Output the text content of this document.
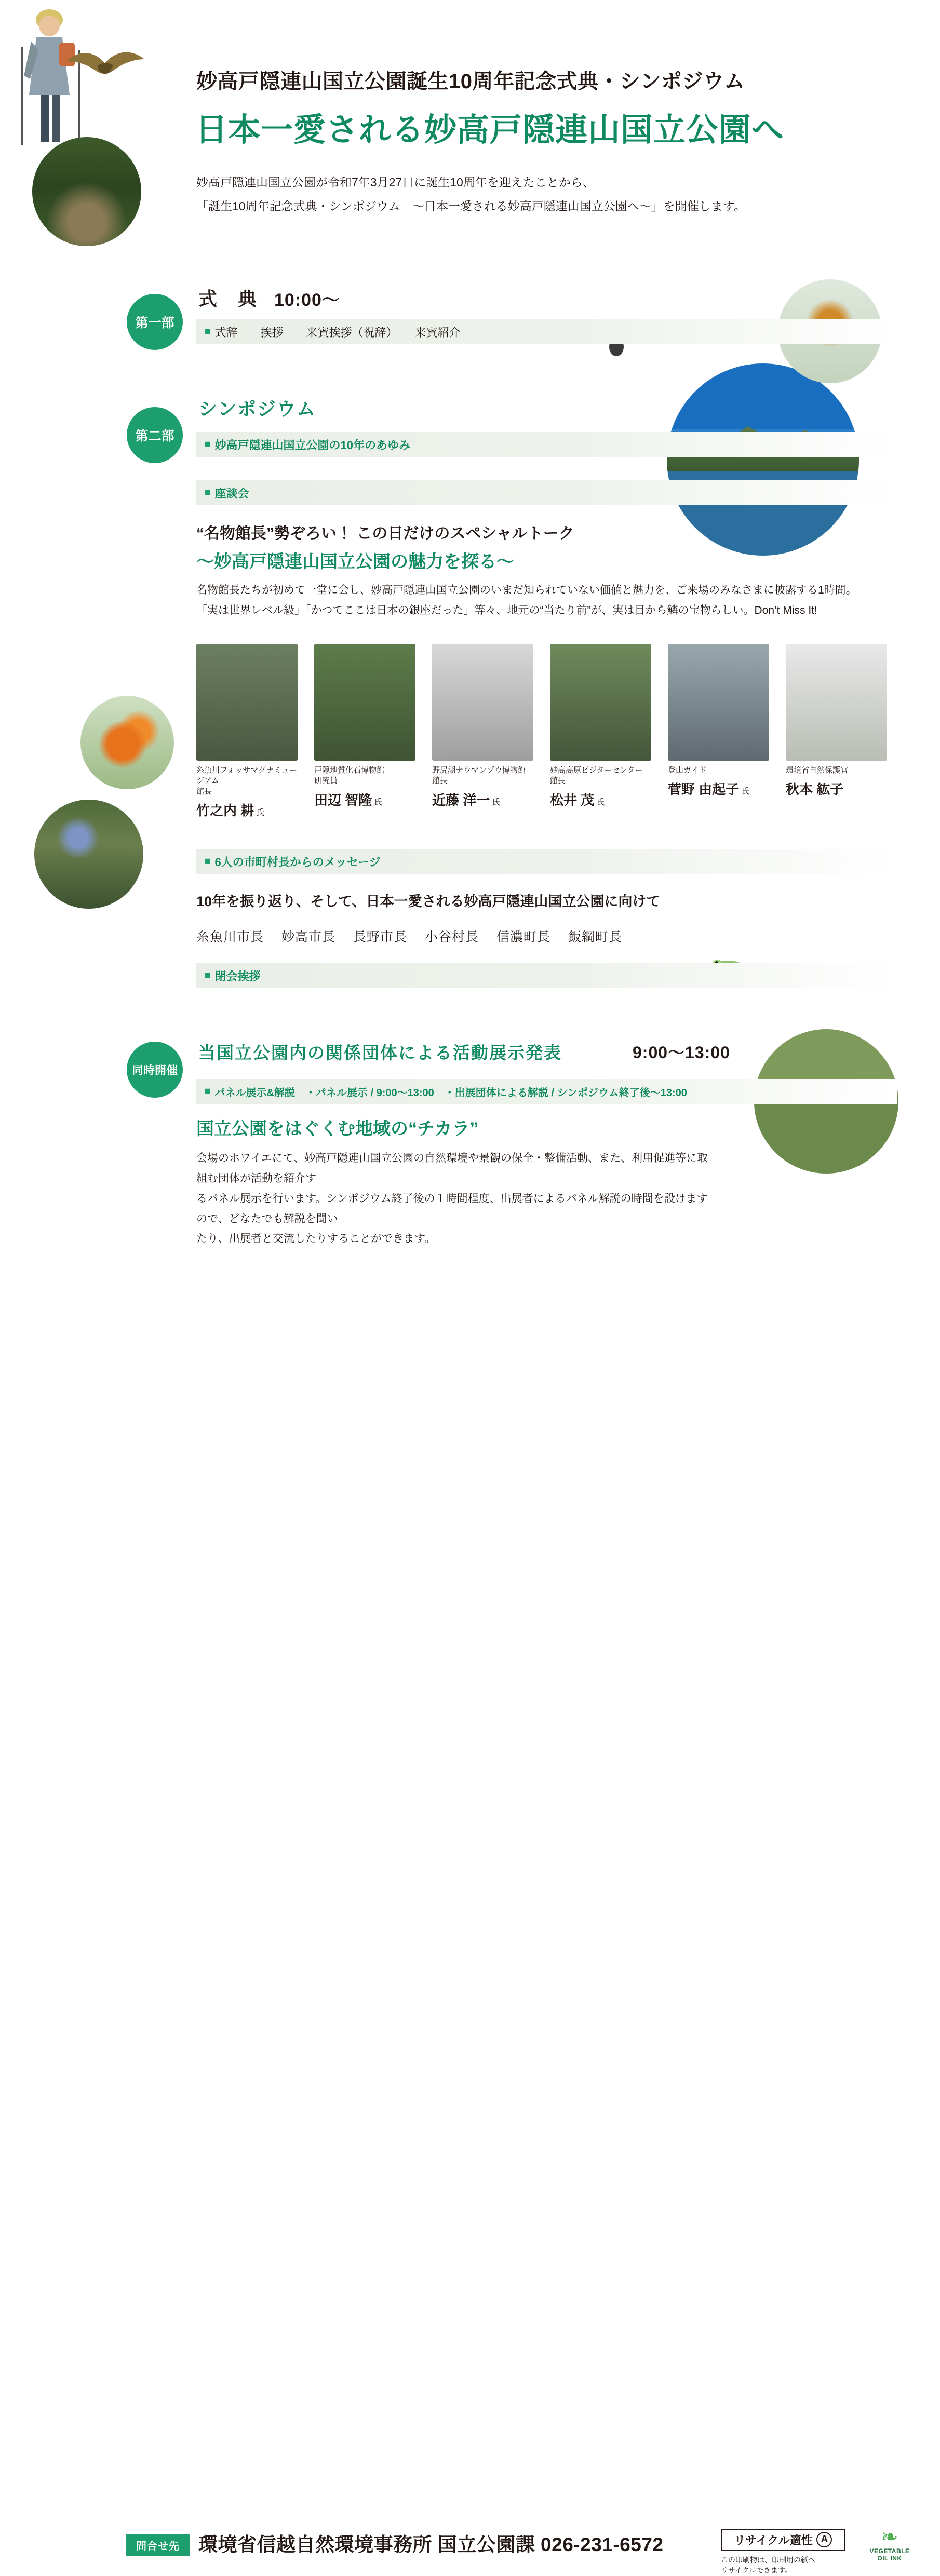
妙高戸隠連山国立公園誕生10周年記念式典・シンポジウム
日本一愛される妙高戸隠連山国立公園へ
妙高戸隠連山国立公園が令和7年3月27日に誕生10周年を迎えたことから、
「誕生10周年記念式典・シンポジウム　～日本一愛される妙高戸隠連山国立公園へ～」を開催します。
第一部
式　典 10:00〜
■ 式辞　　挨拶　　来賓挨拶（祝辞）　　来賓紹介
第二部
シンポジウム
■ 妙高戸隠連山国立公園の10年のあゆみ
■ 座談会
“名物館長”勢ぞろい！ この日だけのスペシャルトーク
〜妙高戸隠連山国立公園の魅力を探る〜
名物館長たちが初めて一堂に会し、妙高戸隠連山国立公園のいまだ知られていない価値と魅力を、ご来場のみなさまに披露する1時間。
「実は世界レベル級」「かつてここは日本の銀座だった」等々、地元の“当たり前”が、実は目から鱗の宝物らしい。Don’t Miss It!
糸魚川フォッサマグナミュージアム
館長
竹之内 耕 氏
戸隠地質化石博物館
研究員
田辺 智隆 氏
野尻湖ナウマンゾウ博物館
館長
近藤 洋一 氏
妙高高原ビジターセンター
館長
松井 茂 氏
登山ガイド
菅野 由起子 氏
環境省自然保護官
秋本 紘子
■ 6人の市町村長からのメッセージ
10年を振り返り、そして、日本一愛される妙高戸隠連山国立公園に向けて
糸魚川市長　 妙高市長　 長野市長　 小谷村長　 信濃町長　 飯綱町長
■ 閉会挨拶
同時開催
当国立公園内の関係団体による活動展示発表	9:00〜13:00
■ パネル展示&解説　・パネル展示 / 9:00〜13:00　・出展団体による解説 / シンポジウム終了後〜13:00
国立公園をはぐくむ地域の“チカラ”
会場のホワイエにて、妙高戸隠連山国立公園の自然環境や景観の保全・整備活動、また、利用促進等に取組む団体が活動を紹介す
るパネル展示を行います。シンポジウム終了後の１時間程度、出展者によるパネル解説の時間を設けますので、どなたでも解説を聞い
たり、出展者と交流したりすることができます。
問合せ先 環境省信越自然環境事務所 国立公園課 026-231-6572	リサイクル適性 A
この印刷物は、印刷用の紙へ
リサイクルできます。
❧
VEGETABLE
OIL INK
